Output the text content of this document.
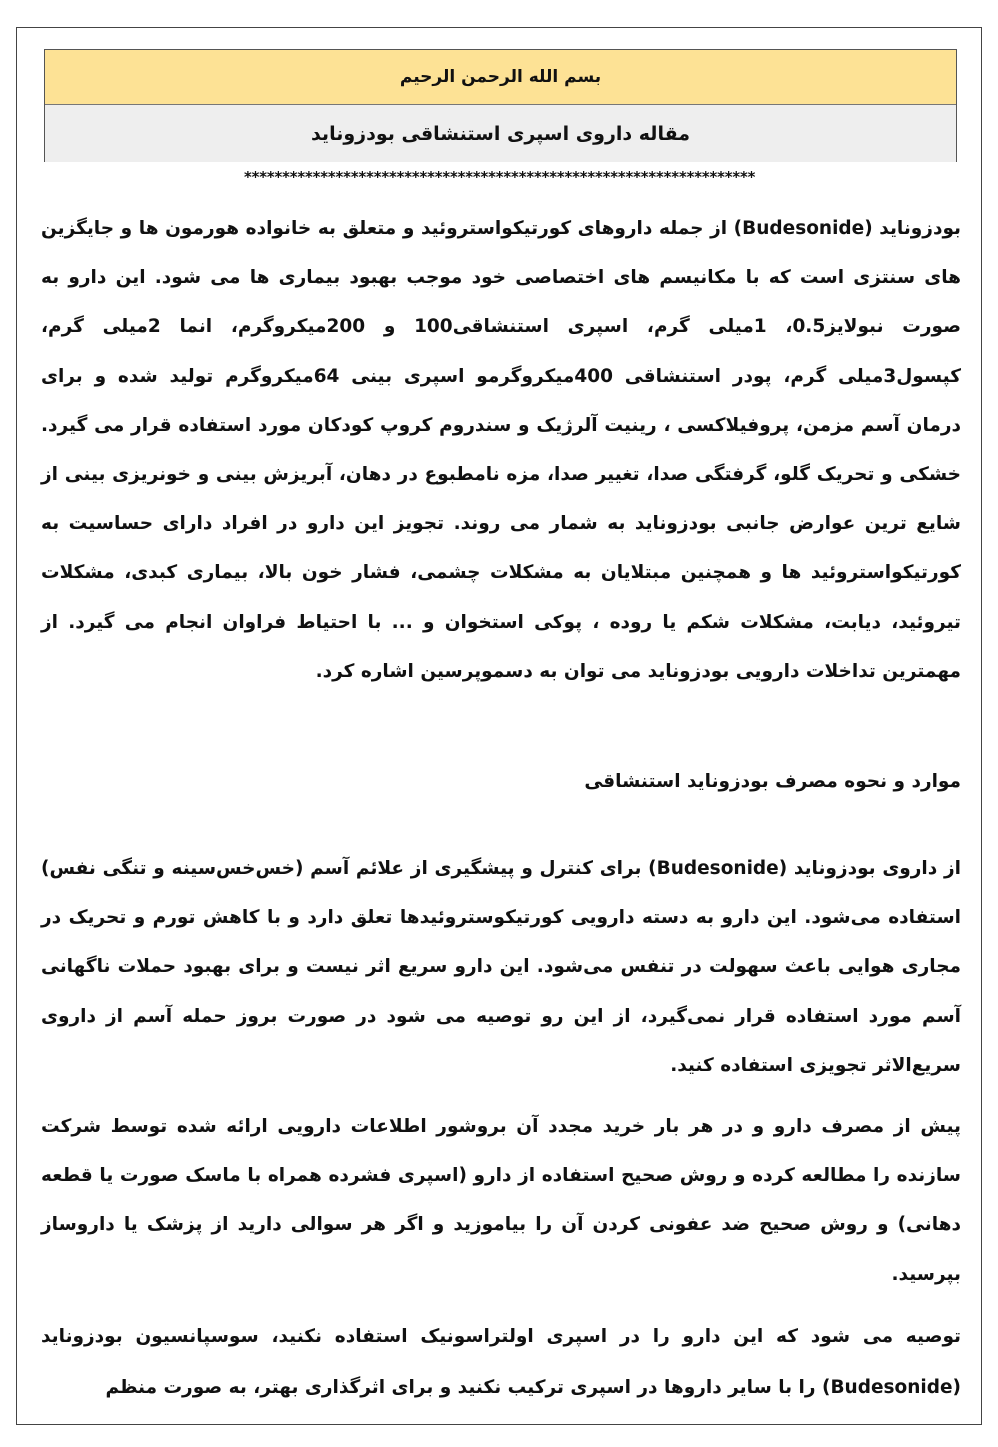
بسم الله الرحمن الرحیم
مقاله داروی اسپری استنشاقی بودزوناید
*******************************************************************

بودزوناید (Budesonide) از جمله داروهای کورتیکواستروئید و متعلق به خانواده هورمون ها و جایگزین های سنتزی است که با مکانیسم های اختصاصی خود موجب بهبود بیماری ها می شود. این دارو به صورت نبولایز0.5، 1میلی گرم، اسپری استنشاقی100 و 200میکروگرم، انما 2میلی گرم، کپسول3میلی گرم، پودر استنشاقی 400میکروگرمو اسپری بینی 64میکروگرم تولید شده و برای درمان آسم مزمن، پروفیلاکسی ، رینیت آلرژیک و سندروم کروپ کودکان مورد استفاده قرار می گیرد. خشکی و تحریک گلو، گرفتگی صدا، تغییر صدا، مزه نامطبوع در دهان، آبریزش بینی و خونریزی بینی از شایع ترین عوارض جانبی بودزوناید به شمار می روند. تجویز این دارو در افراد دارای حساسیت به کورتیکواستروئید ها و همچنین مبتلایان به مشکلات چشمی، فشار خون بالا، بیماری کبدی، مشکلات تیروئید، دیابت، مشکلات شکم یا روده ، پوکی استخوان و ... با احتیاط فراوان انجام می گیرد. از مهمترین تداخلات دارویی بودزوناید می توان به دسموپرسین اشاره کرد.

موارد و نحوه مصرف بودزوناید استنشاقی

از داروی بودزوناید (Budesonide) برای کنترل و پیشگیری از علائم آسم (خس‌خس‌سینه و تنگی نفس) استفاده می‌شود. این دارو به دسته دارویی کورتیکوستروئیدها تعلق دارد و با کاهش تورم و تحریک در مجاری هوایی باعث سهولت در تنفس می‌شود. این دارو سریع اثر نیست و برای بهبود حملات ناگهانی آسم مورد استفاده قرار نمی‌گیرد، از این رو توصیه می شود در صورت بروز حمله آسم از داروی سریع‌الاثر تجویزی استفاده کنید.

پیش از مصرف دارو و در هر بار خرید مجدد آن بروشور اطلاعات دارویی ارائه شده توسط شرکت سازنده را مطالعه کرده و روش صحیح استفاده از دارو (اسپری فشرده همراه با ماسک صورت یا قطعه دهانی) و روش صحیح ضد عفونی کردن آن را بیاموزید و اگر هر سوالی دارید از پزشک یا داروساز بپرسید.

توصیه می شود که این دارو را در اسپری اولتراسونیک استفاده نکنید، سوسپانسیون بودزوناید (Budesonide) را با سایر داروها در اسپری ترکیب نکنید و برای اثرگذاری بهتر، به صورت منظم
